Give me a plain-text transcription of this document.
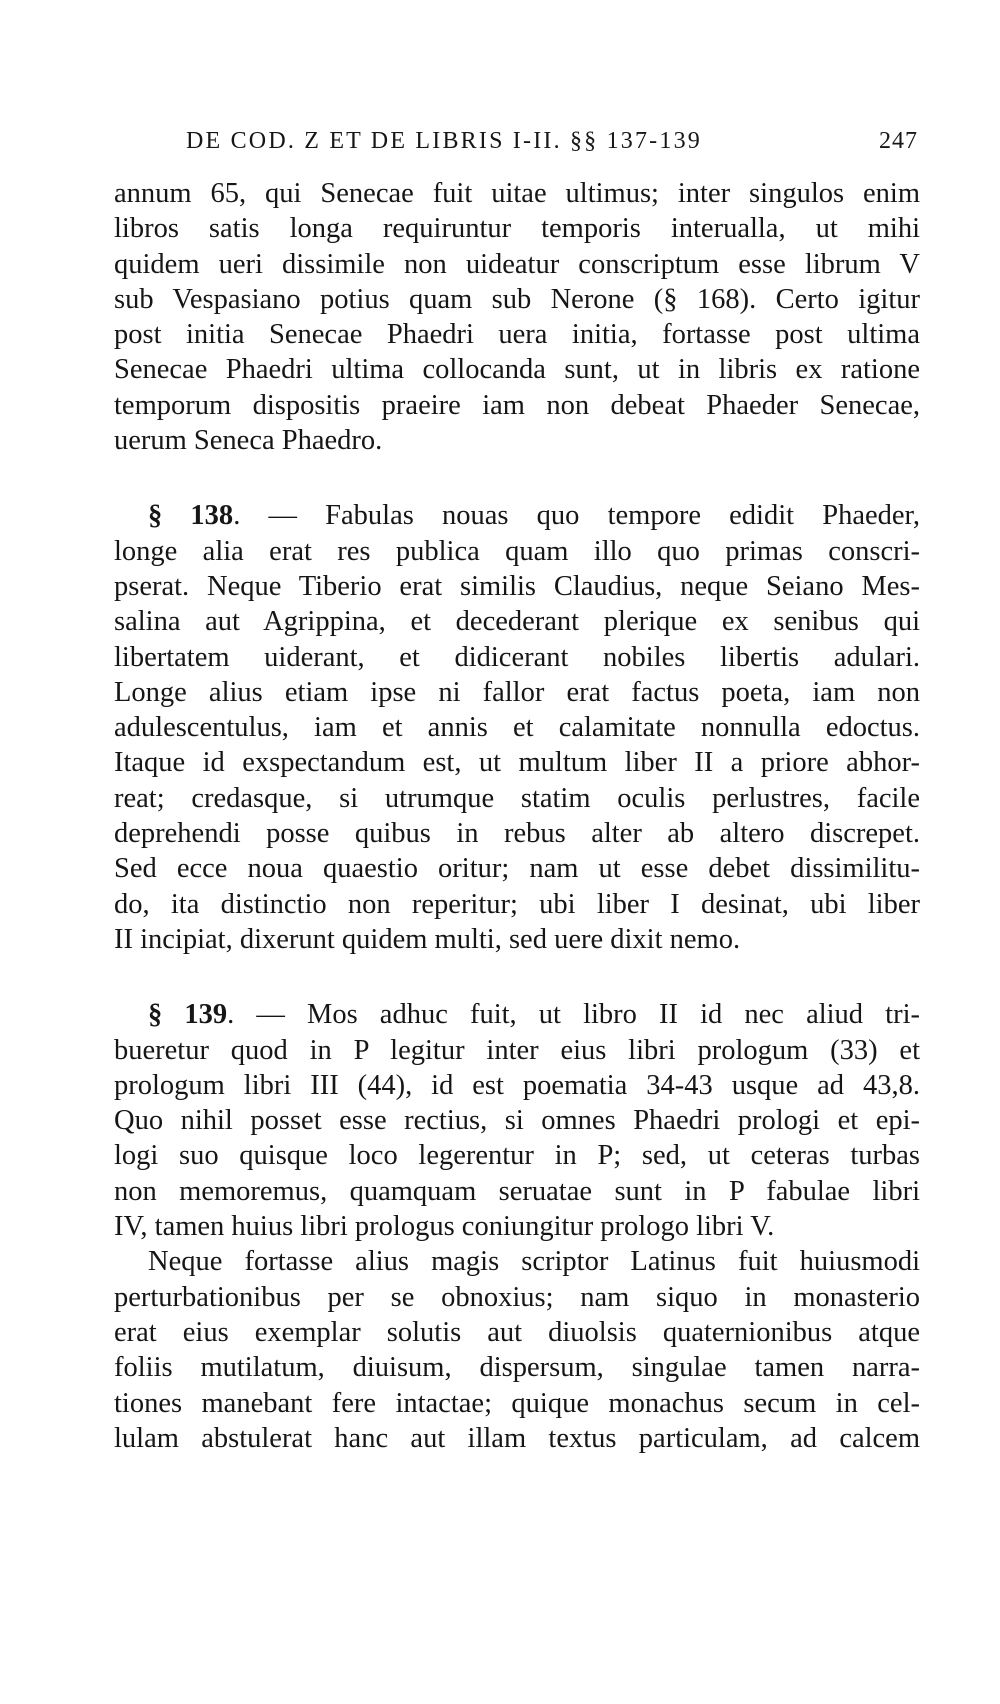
DE COD. Z ET DE LIBRIS I-II. §§ 137-139	247
annum 65, qui Senecae fuit uitae ultimus; inter singulos enim
libros satis longa requiruntur temporis interualla, ut mihi
quidem ueri dissimile non uideatur conscriptum esse librum V
sub Vespasiano potius quam sub Nerone (§ 168). Certo igitur
post initia Senecae Phaedri uera initia, fortasse post ultima
Senecae Phaedri ultima collocanda sunt, ut in libris ex ratione
temporum dispositis praeire iam non debeat Phaeder Senecae,
uerum Seneca Phaedro.
§ 138. — Fabulas nouas quo tempore edidit Phaeder,
longe alia erat res publica quam illo quo primas conscri-
pserat. Neque Tiberio erat similis Claudius, neque Seiano Mes-
salina aut Agrippina, et decederant plerique ex senibus qui
libertatem uiderant, et didicerant nobiles libertis adulari.
Longe alius etiam ipse ni fallor erat factus poeta, iam non
adulescentulus, iam et annis et calamitate nonnulla edoctus.
Itaque id exspectandum est, ut multum liber II a priore abhor-
reat; credasque, si utrumque statim oculis perlustres, facile
deprehendi posse quibus in rebus alter ab altero discrepet.
Sed ecce noua quaestio oritur; nam ut esse debet dissimilitu-
do, ita distinctio non reperitur; ubi liber I desinat, ubi liber
II incipiat, dixerunt quidem multi, sed uere dixit nemo.
§ 139. — Mos adhuc fuit, ut libro II id nec aliud tri-
bueretur quod in P legitur inter eius libri prologum (33) et
prologum libri III (44), id est poematia 34-43 usque ad 43,8.
Quo nihil posset esse rectius, si omnes Phaedri prologi et epi-
logi suo quisque loco legerentur in P; sed, ut ceteras turbas
non memoremus, quamquam seruatae sunt in P fabulae libri
IV, tamen huius libri prologus coniungitur prologo libri V.
Neque fortasse alius magis scriptor Latinus fuit huiusmodi
perturbationibus per se obnoxius; nam siquo in monasterio
erat eius exemplar solutis aut diuolsis quaternionibus atque
foliis mutilatum, diuisum, dispersum, singulae tamen narra-
tiones manebant fere intactae; quique monachus secum in cel-
lulam abstulerat hanc aut illam textus particulam, ad calcem
